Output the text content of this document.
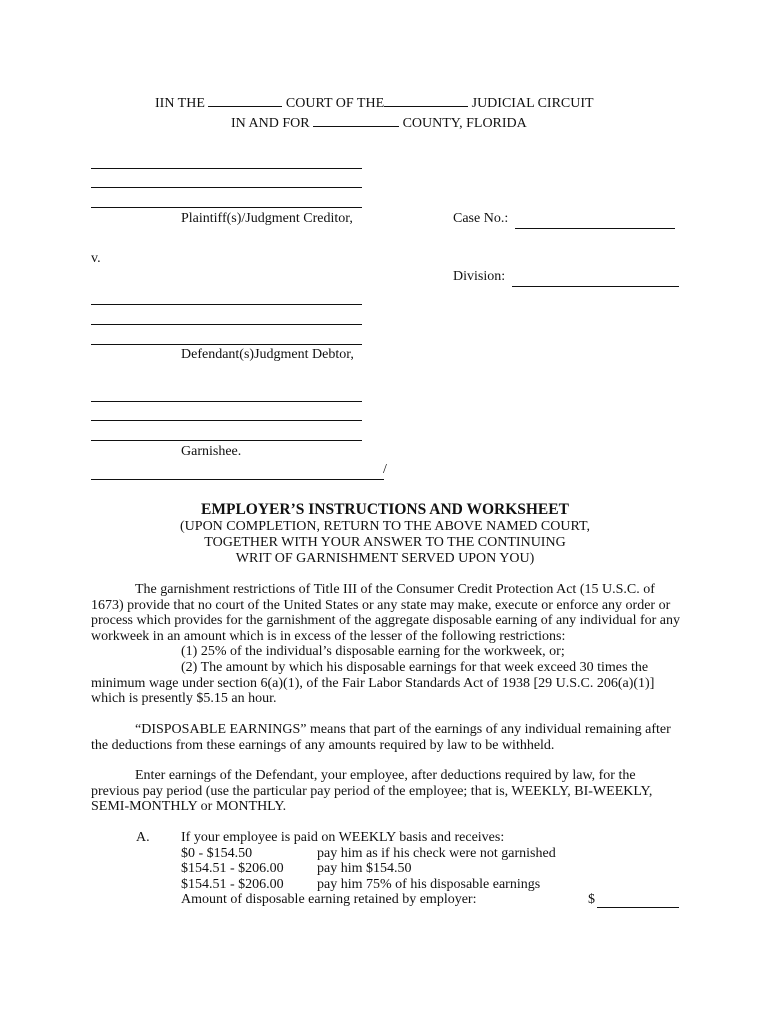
IIN THE	COURT OF THE	JUDICIAL CIRCUIT
IN AND FOR	COUNTY, FLORIDA
Plaintiff(s)/Judgment Creditor,	Case No.:
v.
Division:
Defendant(s)Judgment Debtor,
Garnishee.
/
EMPLOYER’S INSTRUCTIONS AND WORKSHEET
(UPON COMPLETION, RETURN TO THE ABOVE NAMED COURT,
TOGETHER WITH YOUR ANSWER TO THE CONTINUING
WRIT OF GARNISHMENT SERVED UPON YOU)
The garnishment restrictions of Title III of the Consumer Credit Protection Act (15 U.S.C. of
1673) provide that no court of the United States or any state may make, execute or enforce any order or
process which provides for the garnishment of the aggregate disposable earning of any individual for any
workweek in an amount which is in excess of the lesser of the following restrictions:
(1) 25% of the individual’s disposable earning for the workweek, or;
(2) The amount by which his disposable earnings for that week exceed 30 times the
minimum wage under section 6(a)(1), of the Fair Labor Standards Act of 1938 [29 U.S.C. 206(a)(1)]
which is presently $5.15 an hour.
“DISPOSABLE EARNINGS” means that part of the earnings of any individual remaining after
the deductions from these earnings of any amounts required by law to be withheld.
Enter earnings of the Defendant, your employee, after deductions required by law, for the
previous pay period (use the particular pay period of the employee; that is, WEEKLY, BI-WEEKLY,
SEMI-MONTHLY or MONTHLY.
A. If your employee is paid on WEEKLY basis and receives:
$0 - $154.50	pay him as if his check were not garnished
$154.51 - $206.00 pay him $154.50
$154.51 - $206.00 pay him 75% of his disposable earnings
Amount of disposable earning retained by employer:	$
